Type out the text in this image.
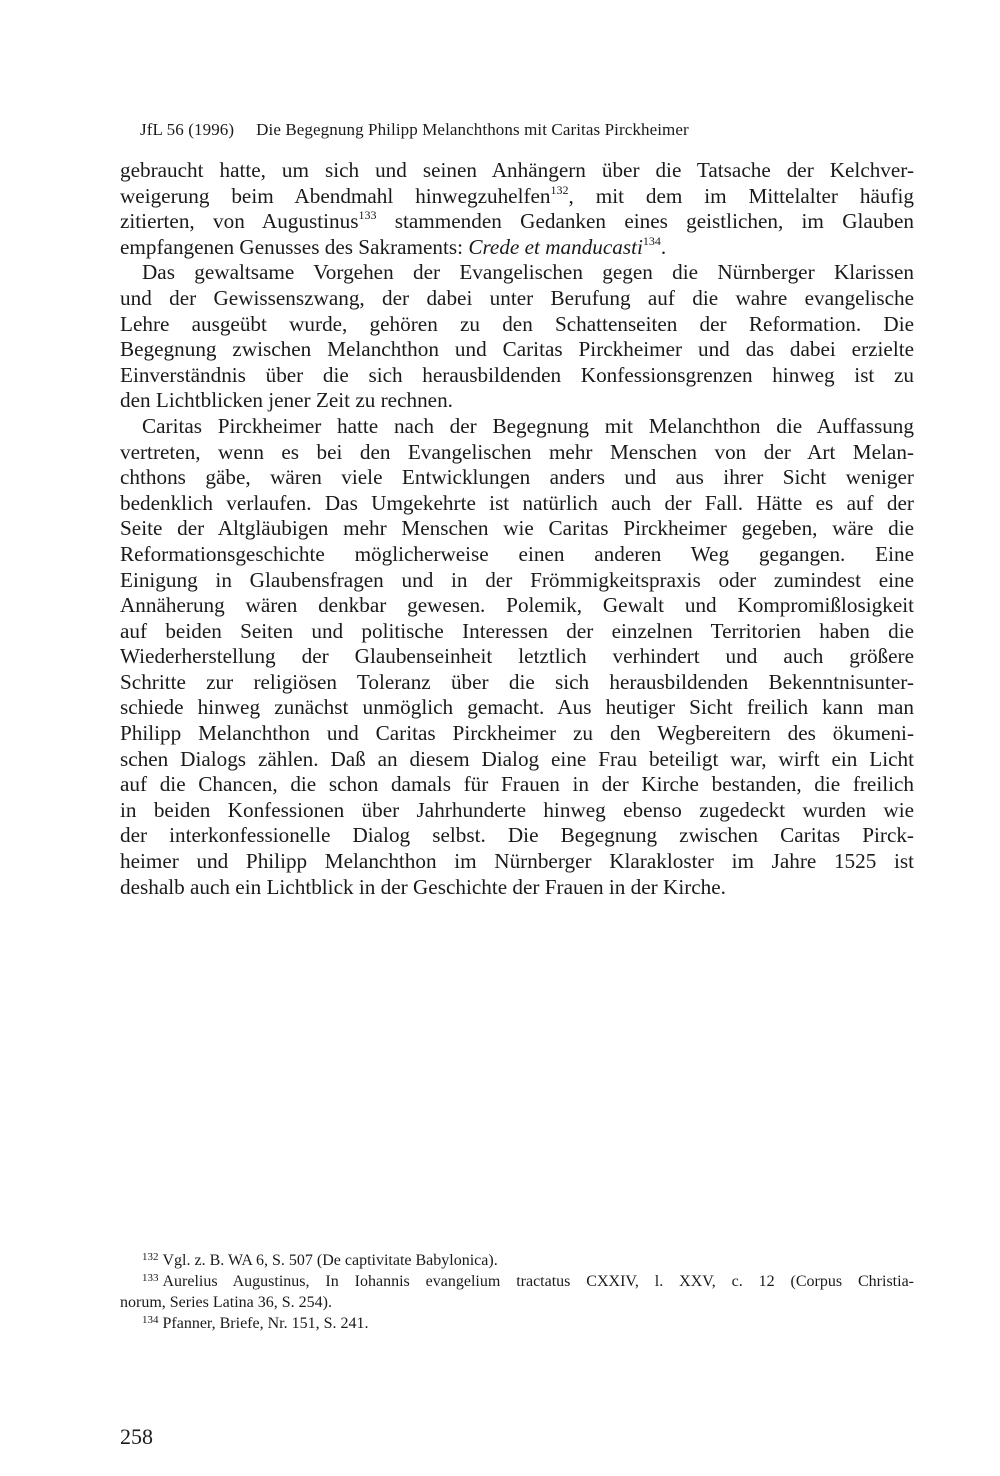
JfL 56 (1996) Die Begegnung Philipp Melanchthons mit Caritas Pirckheimer
gebraucht hatte, um sich und seinen Anhängern über die Tatsache der Kelchver-
weigerung beim Abendmahl hinwegzuhelfen$^{132}$, mit dem im Mittelalter häufig
zitierten, von Augustinus$^{133}$ stammenden Gedanken eines geistlichen, im Glauben
empfangenen Genusses des Sakraments: Crede et manducasti$^{134}$.
Das gewaltsame Vorgehen der Evangelischen gegen die Nürnberger Klarissen
und der Gewissenszwang, der dabei unter Berufung auf die wahre evangelische
Lehre ausgeübt wurde, gehören zu den Schattenseiten der Reformation. Die
Begegnung zwischen Melanchthon und Caritas Pirckheimer und das dabei erzielte
Einverständnis über die sich herausbildenden Konfessionsgrenzen hinweg ist zu
den Lichtblicken jener Zeit zu rechnen.
Caritas Pirckheimer hatte nach der Begegnung mit Melanchthon die Auffassung
vertreten, wenn es bei den Evangelischen mehr Menschen von der Art Melan-
chthons gäbe, wären viele Entwicklungen anders und aus ihrer Sicht weniger
bedenklich verlaufen. Das Umgekehrte ist natürlich auch der Fall. Hätte es auf der
Seite der Altgläubigen mehr Menschen wie Caritas Pirckheimer gegeben, wäre die
Reformationsgeschichte möglicherweise einen anderen Weg gegangen. Eine
Einigung in Glaubensfragen und in der Frömmigkeitspraxis oder zumindest eine
Annäherung wären denkbar gewesen. Polemik, Gewalt und Kompromißlosigkeit
auf beiden Seiten und politische Interessen der einzelnen Territorien haben die
Wiederherstellung der Glaubenseinheit letztlich verhindert und auch größere
Schritte zur religiösen Toleranz über die sich herausbildenden Bekenntnisunter-
schiede hinweg zunächst unmöglich gemacht. Aus heutiger Sicht freilich kann man
Philipp Melanchthon und Caritas Pirckheimer zu den Wegbereitern des ökumeni-
schen Dialogs zählen. Daß an diesem Dialog eine Frau beteiligt war, wirft ein Licht
auf die Chancen, die schon damals für Frauen in der Kirche bestanden, die freilich
in beiden Konfessionen über Jahrhunderte hinweg ebenso zugedeckt wurden wie
der interkonfessionelle Dialog selbst. Die Begegnung zwischen Caritas Pirck-
heimer und Philipp Melanchthon im Nürnberger Klarakloster im Jahre 1525 ist
deshalb auch ein Lichtblick in der Geschichte der Frauen in der Kirche.
$^{132}$ Vgl. z. B. WA 6, S. 507 (De captivitate Babylonica).
$^{133}$ Aurelius Augustinus, In Iohannis evangelium tractatus CXXIV, l. XXV, c. 12 (Corpus Christia-
norum, Series Latina 36, S. 254).
$^{134}$ Pfanner, Briefe, Nr. 151, S. 241.
258
